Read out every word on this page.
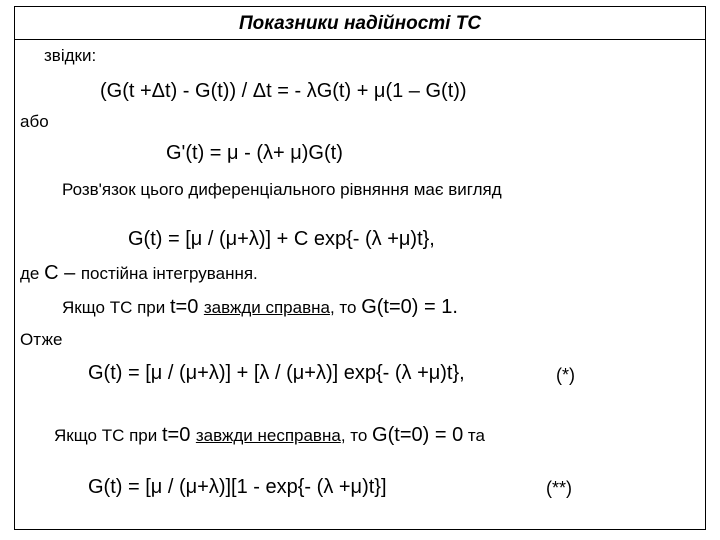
Показники надійності ТС
звідки:
(G(t +Δt) - G(t)) / Δt = - λG(t) + μ(1 – G(t))
або
G'(t) = μ - (λ+ μ)G(t)
Розв'язок цього диференціального рівняння має вигляд
G(t) = [μ / (μ+λ)] + C exp{- (λ +μ)t},
де C – постійна інтегрування.
Якщо ТС при t=0 завжди справна, то G(t=0) = 1.
Отже
G(t) = [μ / (μ+λ)] + [λ / (μ+λ)] exp{- (λ +μ)t},	(*)
Якщо ТС при t=0 завжди несправна, то G(t=0) = 0 та
G(t) = [μ / (μ+λ)][1 - exp{- (λ +μ)t}]	(**)
